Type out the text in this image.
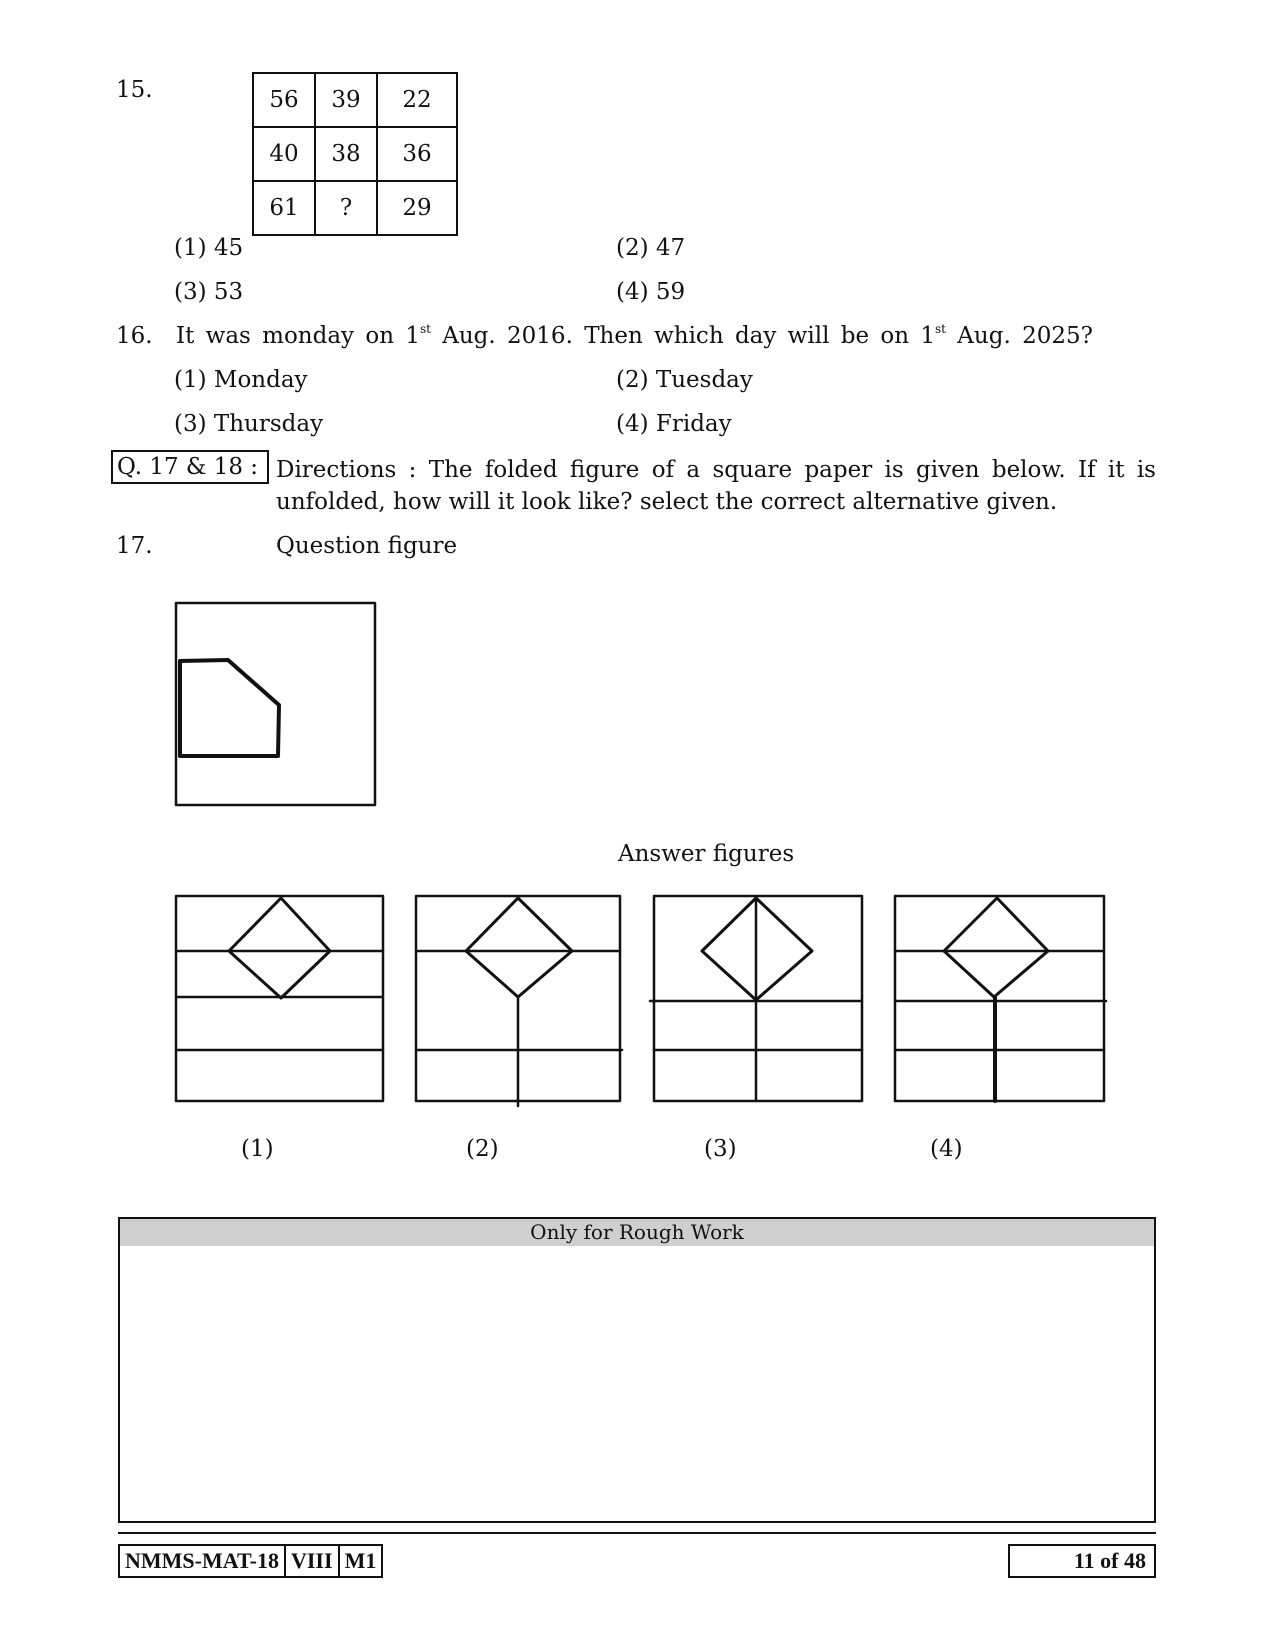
15.	56	39	22
40	38	36
61	?	29
(1) 45	(2) 47
(3) 53	(4) 59
16. It was monday on 1st Aug. 2016. Then which day will be on 1st Aug. 2025?
(1) Monday	(2) Tuesday
(3) Thursday	(4) Friday
Q. 17 & 18 : Directions : The folded figure of a square paper is given below. If it is unfolded, how will it look like? select the correct alternative given.
17.	Question figure
Answer figures
(1)	(2)	(3)	(4)
Only for Rough Work
NMMS-MAT-18 VIII M1	11 of 48
